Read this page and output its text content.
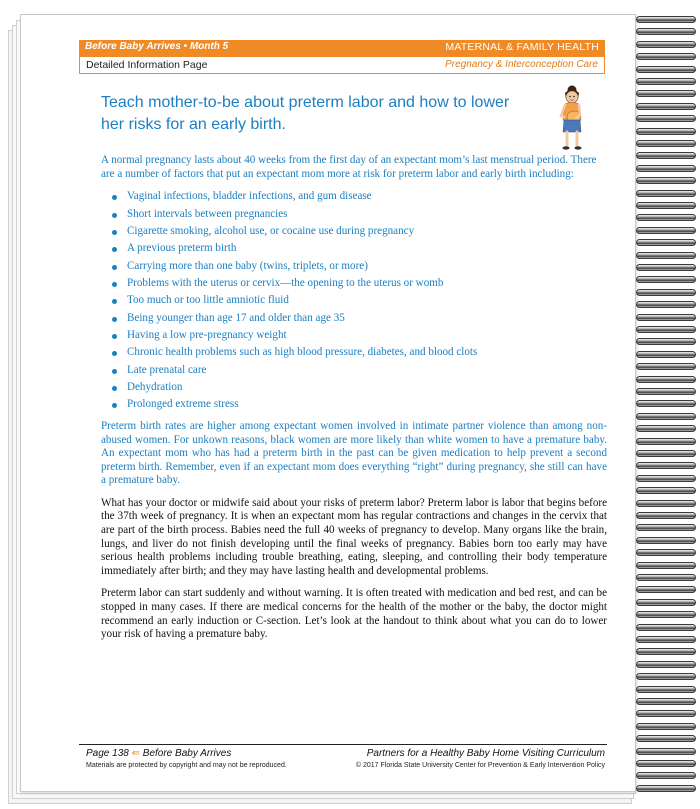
Before Baby Arrives • Month 5	MATERNAL & FAMILY HEALTH
Detailed Information Page	Pregnancy & Interconception Care
Teach mother-to-be about preterm labor and how to lower her risks for an early birth.

A normal pregnancy lasts about 40 weeks from the first day of an expectant mom’s last menstrual period. There are a number of factors that put an expectant mom more at risk for preterm labor and early birth including:

Vaginal infections, bladder infections, and gum disease
Short intervals between pregnancies
Cigarette smoking, alcohol use, or cocaine use during pregnancy
A previous preterm birth
Carrying more than one baby (twins, triplets, or more)
Problems with the uterus or cervix—the opening to the uterus or womb
Too much or too little amniotic fluid
Being younger than age 17 and older than age 35
Having a low pre-pregnancy weight
Chronic health problems such as high blood pressure, diabetes, and blood clots
Late prenatal care
Dehydration
Prolonged extreme stress

Preterm birth rates are higher among expectant women involved in intimate partner violence than among non-abused women. For unkown reasons, black women are more likely than white women to have a premature baby. An expectant mom who has had a preterm birth in the past can be given medication to help prevent a second preterm birth. Remember, even if an expectant mom does everything “right” during pregnancy, she still can have a premature baby.

What has your doctor or midwife said about your risks of preterm labor? Preterm labor is labor that begins before the 37th week of pregnancy. It is when an expectant mom has regular contractions and changes in the cervix that are part of the birth process. Babies need the full 40 weeks of pregnancy to develop. Many organs like the brain, lungs, and liver do not finish developing until the final weeks of pregnancy. Babies born too early may have serious health problems including trouble breathing, eating, sleeping, and controlling their body temperature immediately after birth; and they may have lasting health and developmental problems.

Preterm labor can start suddenly and without warning. It is often treated with medication and bed rest, and can be stopped in many cases. If there are medical concerns for the health of the mother or the baby, the doctor might recommend an early induction or C-section. Let’s look at the handout to think about what you can do to lower your risk of having a premature baby.

Page 138 ⇚ Before Baby Arrives
Materials are protected by copyright and may not be reproduced.
Partners for a Healthy Baby Home Visiting Curriculum
© 2017 Florida State University Center for Prevention & Early Intervention Policy
